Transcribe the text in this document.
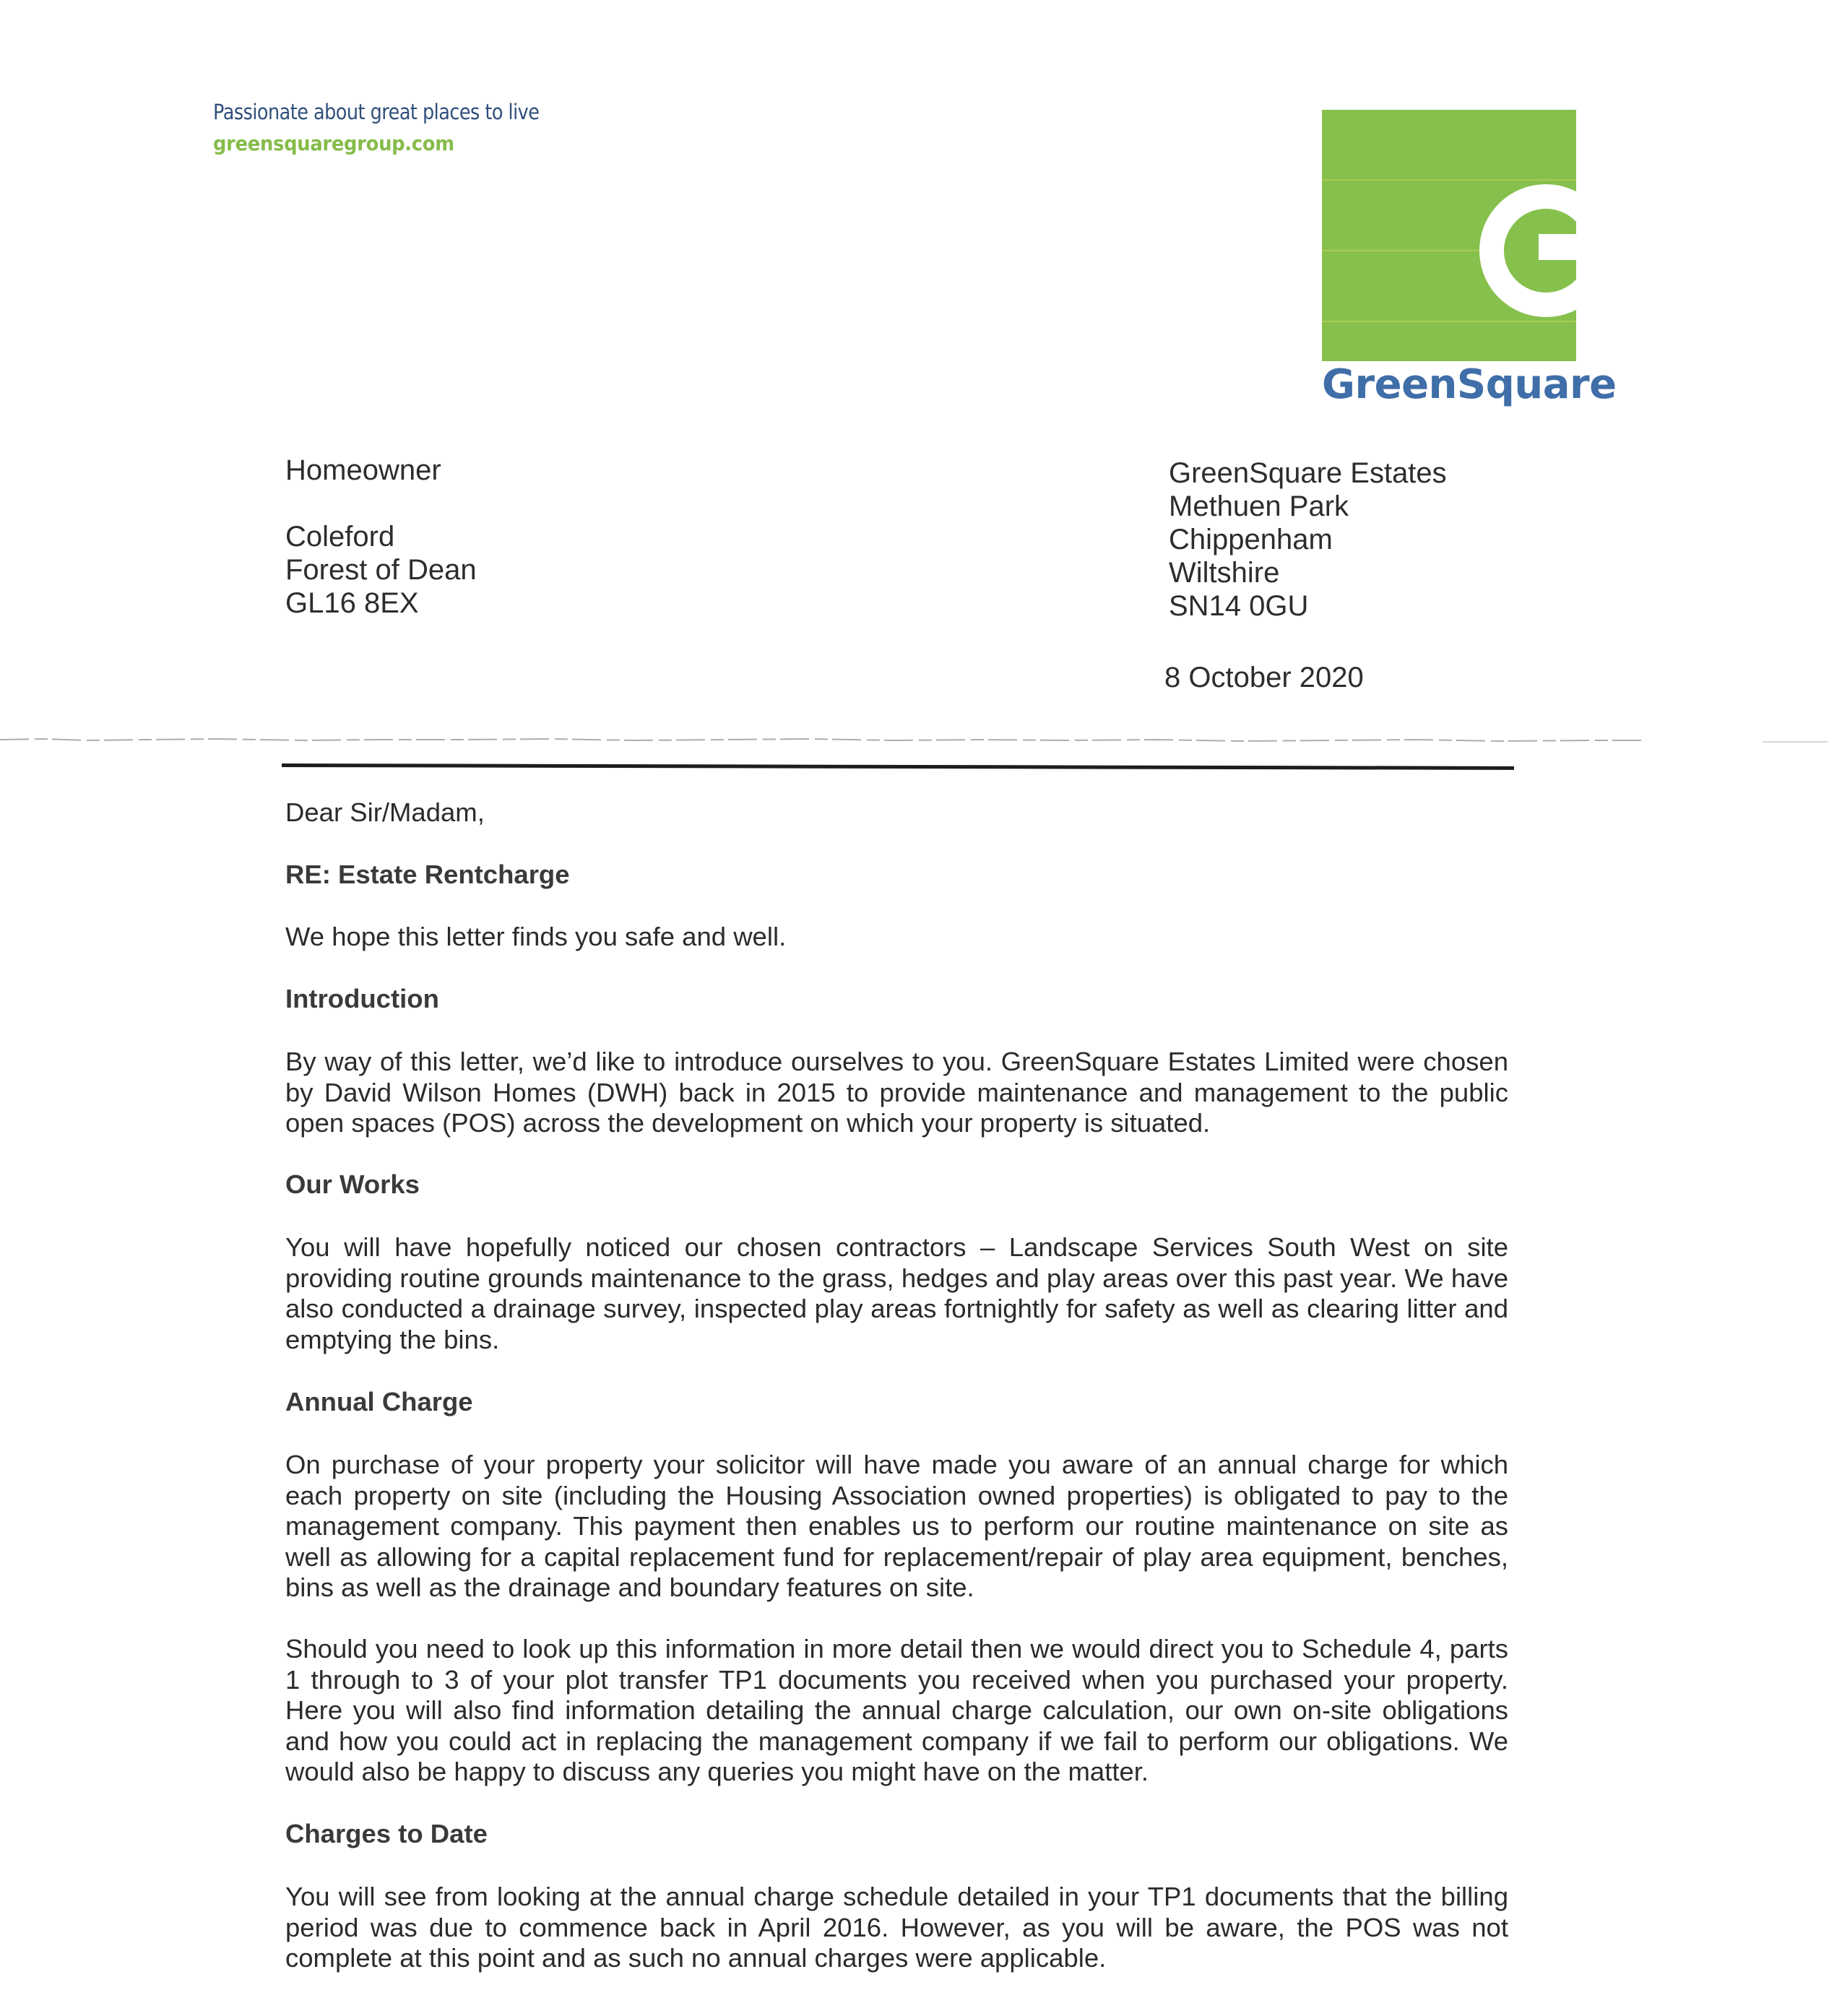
Passionate about great places to live
greensquaregroup.com
GreenSquare
Homeowner
Coleford
Forest of Dean
GL16 8EX
GreenSquare Estates
Methuen Park
Chippenham
Wiltshire
SN14 0GU
8 October 2020
Dear Sir/Madam,
RE: Estate Rentcharge
We hope this letter finds you safe and well.
Introduction

By way of this letter, we’d like to introduce ourselves to you. GreenSquare Estates Limited were chosen by David Wilson Homes (DWH) back in 2015 to provide maintenance and management to the public open spaces (POS) across the development on which your property is situated.

Our Works

You will have hopefully noticed our chosen contractors – Landscape Services South West on site providing routine grounds maintenance to the grass, hedges and play areas over this past year. We have also conducted a drainage survey, inspected play areas fortnightly for safety as well as clearing litter and emptying the bins.

Annual Charge

On purchase of your property your solicitor will have made you aware of an annual charge for which each property on site (including the Housing Association owned properties) is obligated to pay to the management company. This payment then enables us to perform our routine maintenance on site as well as allowing for a capital replacement fund for replacement/repair of play area equipment, benches, bins as well as the drainage and boundary features on site.

Should you need to look up this information in more detail then we would direct you to Schedule 4, parts 1 through to 3 of your plot transfer TP1 documents you received when you purchased your property. Here you will also find information detailing the annual charge calculation, our own on-site obligations and how you could act in replacing the management company if we fail to perform our obligations. We would also be happy to discuss any queries you might have on the matter.

Charges to Date

You will see from looking at the annual charge schedule detailed in your TP1 documents that the billing period was due to commence back in April 2016. However, as you will be aware, the POS was not complete at this point and as such no annual charges were applicable.
